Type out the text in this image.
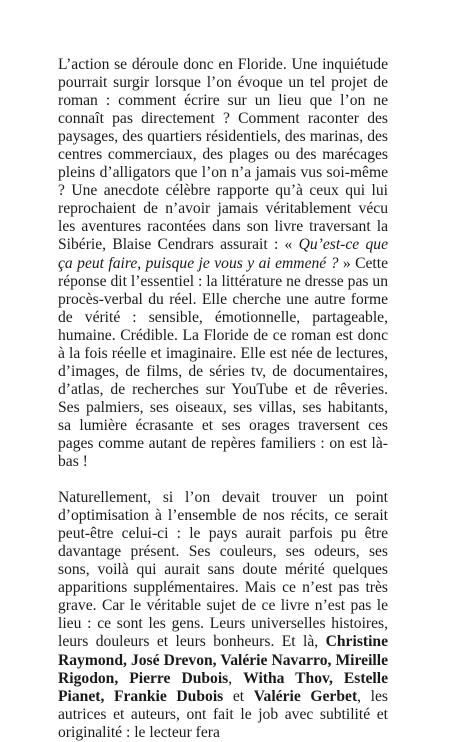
L’action se déroule donc en Floride. Une inquiétude pourrait surgir lorsque l’on évoque un tel projet de roman : comment écrire sur un lieu que l’on ne connaît pas directement ? Comment raconter des paysages, des quartiers résidentiels, des marinas, des centres commerciaux, des plages ou des marécages pleins d’alligators que l’on n’a jamais vus soi-même ? Une anecdote célèbre rapporte qu’à ceux qui lui reprochaient de n’avoir jamais véritablement vécu les aventures racontées dans son livre traversant la Sibérie, Blaise Cendrars assurait : « Qu’est-ce que ça peut faire, puisque je vous y ai emmené ? » Cette réponse dit l’essentiel : la littérature ne dresse pas un procès-verbal du réel. Elle cherche une autre forme de vérité : sensible, émotionnelle, partageable, humaine. Crédible. La Floride de ce roman est donc à la fois réelle et imaginaire. Elle est née de lectures, d’images, de films, de séries tv, de documentaires, d’atlas, de recherches sur YouTube et de rêveries. Ses palmiers, ses oiseaux, ses villas, ses habitants, sa lumière écrasante et ses orages traversent ces pages comme autant de repères familiers : on est là-bas !

Naturellement, si l’on devait trouver un point d’optimisation à l’ensemble de nos récits, ce serait peut-être celui-ci : le pays aurait parfois pu être davantage présent. Ses couleurs, ses odeurs, ses sons, voilà qui aurait sans doute mérité quelques apparitions supplémentaires. Mais ce n’est pas très grave. Car le véritable sujet de ce livre n’est pas le lieu : ce sont les gens. Leurs universelles histoires, leurs douleurs et leurs bonheurs. Et là, Christine Raymond, José Drevon, Valérie Navarro, Mireille Rigodon, Pierre Dubois, Witha Thov, Estelle Pianet, Frankie Dubois et Valérie Gerbet, les autrices et auteurs, ont fait le job avec subtilité et originalité : le lecteur fera
